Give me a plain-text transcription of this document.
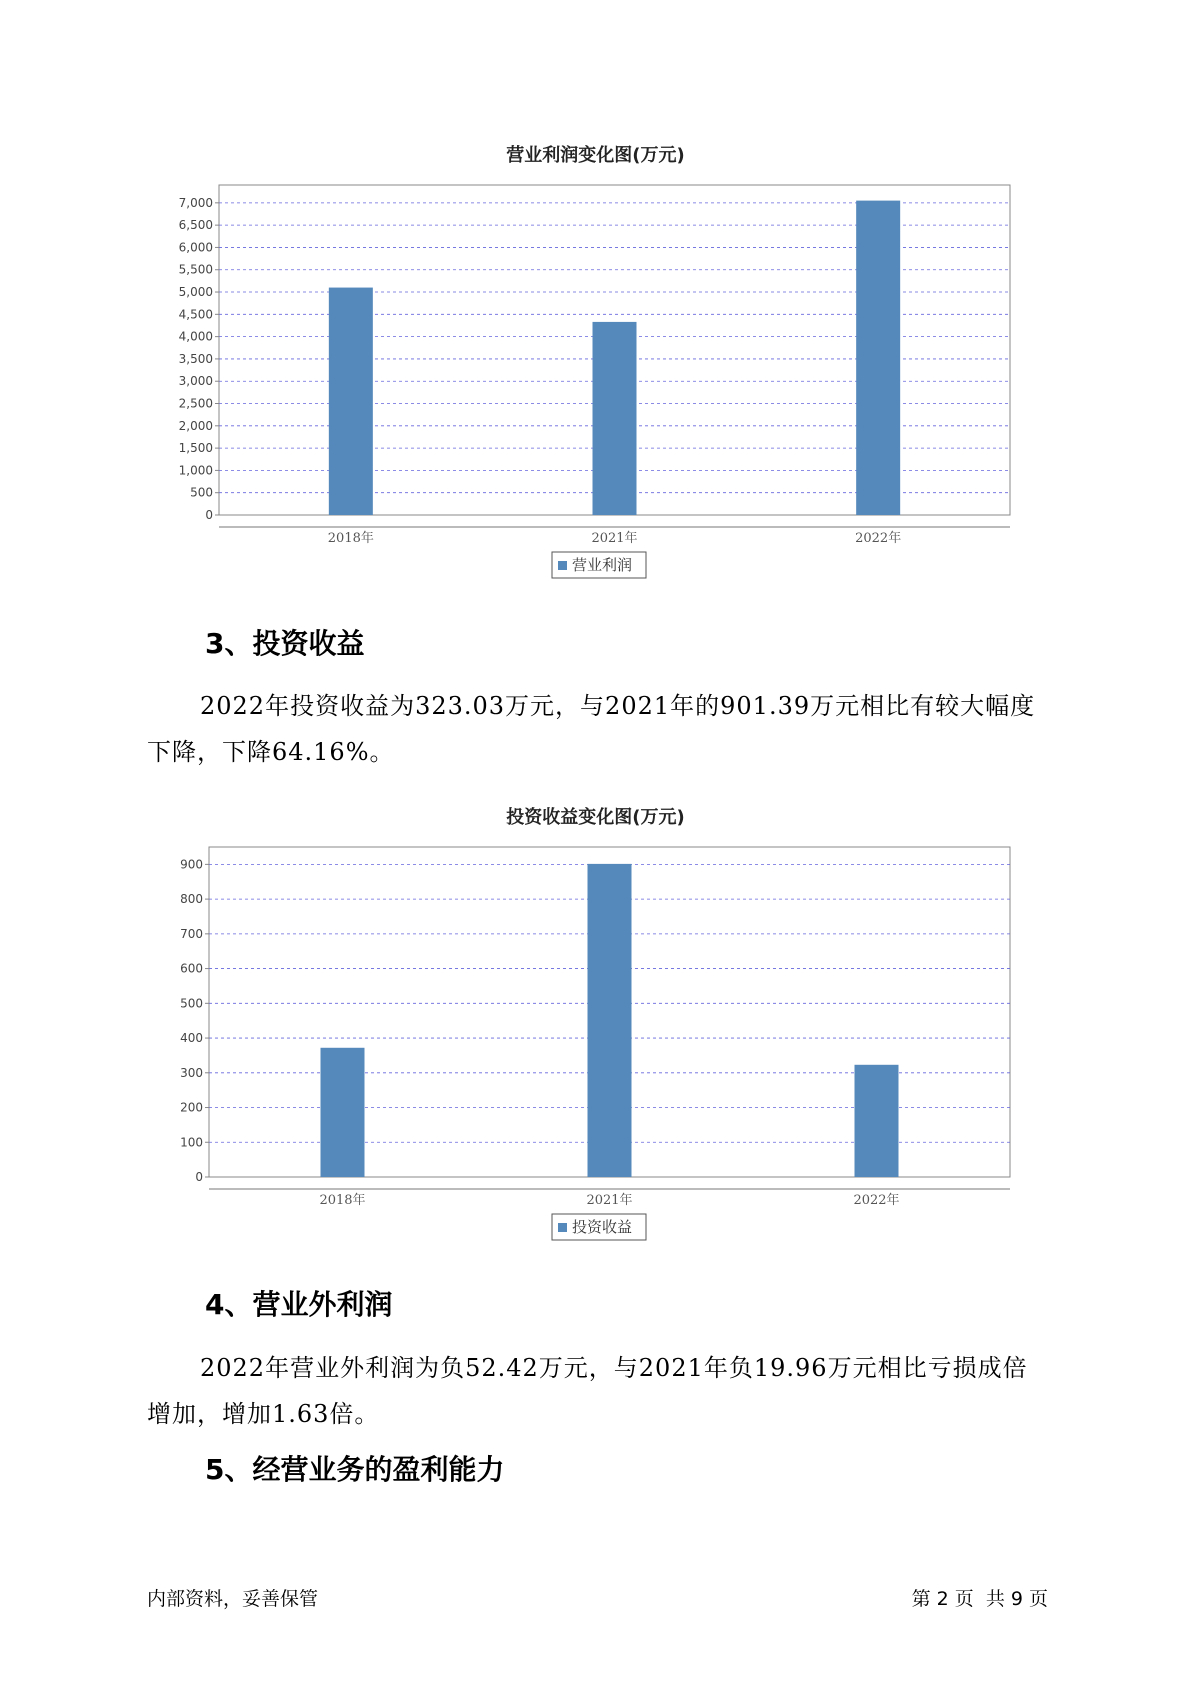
营业利润变化图(万元)
0
500
1,000
1,500
2,000
2,500
3,000
3,500
4,000
4,500
5,000
5,500
6,000
6,500
7,000
2018年	2021年	2022年
营业利润
3、投资收益

2022年投资收益为323.03万元，与2021年的901.39万元相比有较大幅度下降，下降64.16%。

投资收益变化图(万元)
0
100
200
300
400
500
600
700
800
900
2018年	2021年	2022年
投资收益
4、营业外利润

2022年营业外利润为负52.42万元，与2021年负19.96万元相比亏损成倍增加，增加1.63倍。

5、经营业务的盈利能力
内部资料，妥善保管	第 2 页  共 9 页
